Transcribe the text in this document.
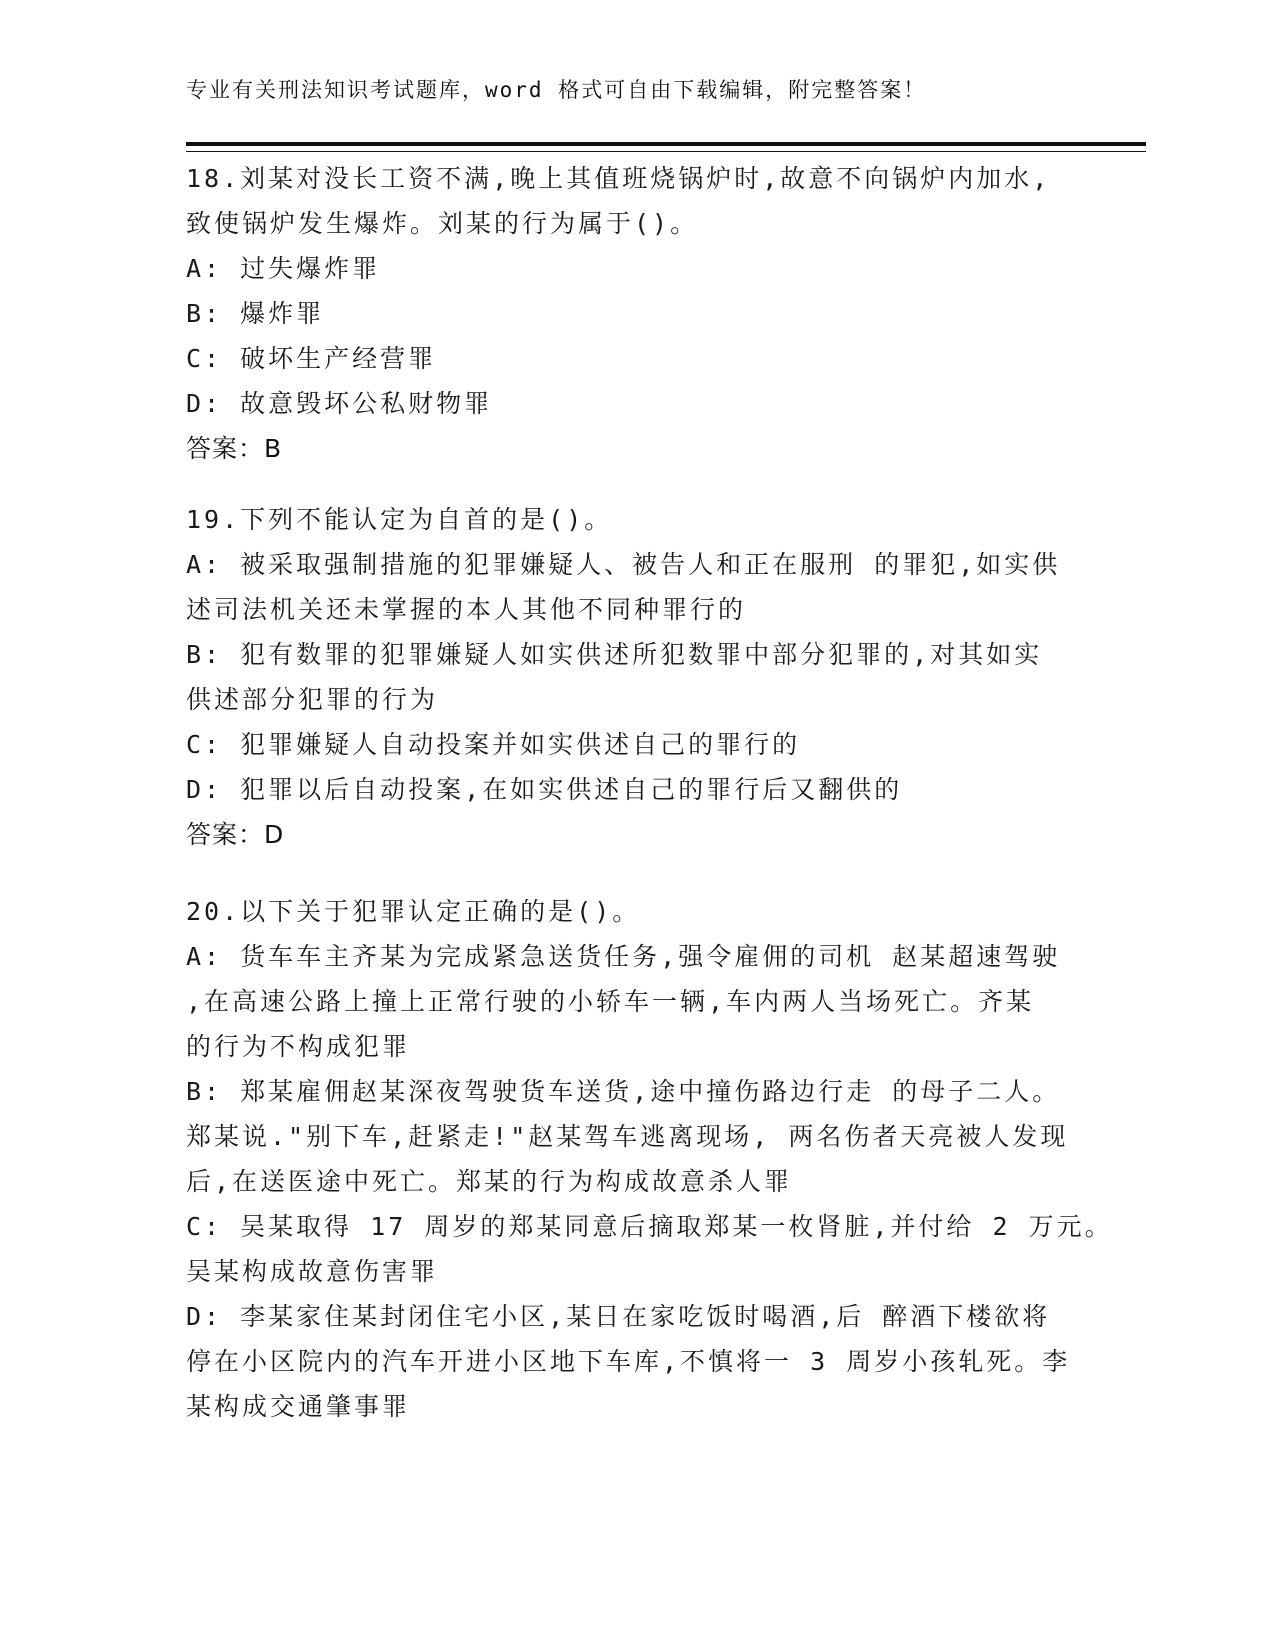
专业有关刑法知识考试题库，word 格式可自由下载编辑，附完整答案！
18.刘某对没长工资不满,晚上其值班烧锅炉时,故意不向锅炉内加水,
致使锅炉发生爆炸。刘某的行为属于()。
A: 过失爆炸罪
B: 爆炸罪
C: 破坏生产经营罪
D: 故意毁坏公私财物罪
答案：B
19.下列不能认定为自首的是()。
A: 被采取强制措施的犯罪嫌疑人、被告人和正在服刑 的罪犯,如实供
述司法机关还未掌握的本人其他不同种罪行的
B: 犯有数罪的犯罪嫌疑人如实供述所犯数罪中部分犯罪的,对其如实
供述部分犯罪的行为
C: 犯罪嫌疑人自动投案并如实供述自己的罪行的
D: 犯罪以后自动投案,在如实供述自己的罪行后又翻供的
答案：D
20.以下关于犯罪认定正确的是()。
A: 货车车主齐某为完成紧急送货任务,强令雇佣的司机 赵某超速驾驶
,在高速公路上撞上正常行驶的小轿车一辆,车内两人当场死亡。齐某
的行为不构成犯罪
B: 郑某雇佣赵某深夜驾驶货车送货,途中撞伤路边行走 的母子二人。
郑某说."别下车,赶紧走!"赵某驾车逃离现场, 两名伤者天亮被人发现
后,在送医途中死亡。郑某的行为构成故意杀人罪
C: 吴某取得 17 周岁的郑某同意后摘取郑某一枚肾脏,并付给 2 万元。
吴某构成故意伤害罪
D: 李某家住某封闭住宅小区,某日在家吃饭时喝酒,后 醉酒下楼欲将
停在小区院内的汽车开进小区地下车库,不慎将一 3 周岁小孩轧死。李
某构成交通肇事罪
